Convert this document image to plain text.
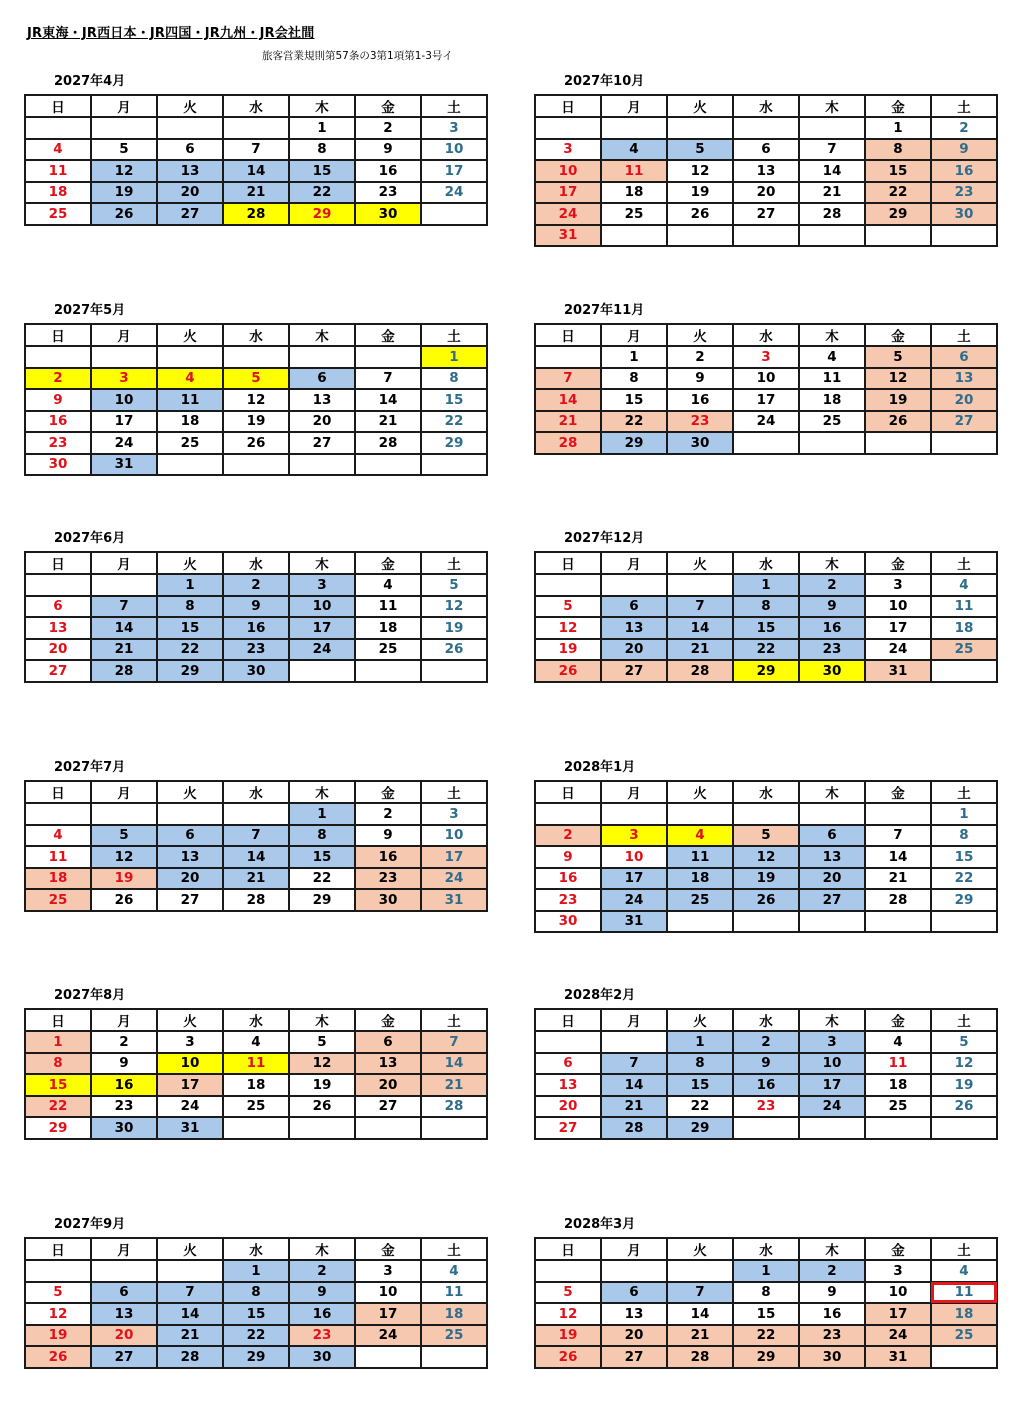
JR東海・JR西日本・JR四国・JR九州・JR会社間
旅客営業規則第57条の3第1項第1-3号イ
2027年4月
日	月	火	水	木	金	土
				1	2	3
4	5	6	7	8	9	10
11	12	13	14	15	16	17
18	19	20	21	22	23	24
25	26	27	28	29	30	
2027年10月
日	月	火	水	木	金	土
					1	2
3	4	5	6	7	8	9
10	11	12	13	14	15	16
17	18	19	20	21	22	23
24	25	26	27	28	29	30
31						
2027年5月
日	月	火	水	木	金	土
						1
2	3	4	5	6	7	8
9	10	11	12	13	14	15
16	17	18	19	20	21	22
23	24	25	26	27	28	29
30	31					
2027年11月
日	月	火	水	木	金	土
	1	2	3	4	5	6
7	8	9	10	11	12	13
14	15	16	17	18	19	20
21	22	23	24	25	26	27
28	29	30				
2027年6月
日	月	火	水	木	金	土
		1	2	3	4	5
6	7	8	9	10	11	12
13	14	15	16	17	18	19
20	21	22	23	24	25	26
27	28	29	30			
2027年12月
日	月	火	水	木	金	土
			1	2	3	4
5	6	7	8	9	10	11
12	13	14	15	16	17	18
19	20	21	22	23	24	25
26	27	28	29	30	31	
2027年7月
日	月	火	水	木	金	土
				1	2	3
4	5	6	7	8	9	10
11	12	13	14	15	16	17
18	19	20	21	22	23	24
25	26	27	28	29	30	31
2028年1月
日	月	火	水	木	金	土
						1
2	3	4	5	6	7	8
9	10	11	12	13	14	15
16	17	18	19	20	21	22
23	24	25	26	27	28	29
30	31					
2027年8月
日	月	火	水	木	金	土
1	2	3	4	5	6	7
8	9	10	11	12	13	14
15	16	17	18	19	20	21
22	23	24	25	26	27	28
29	30	31				
2028年2月
日	月	火	水	木	金	土
		1	2	3	4	5
6	7	8	9	10	11	12
13	14	15	16	17	18	19
20	21	22	23	24	25	26
27	28	29				
2027年9月
日	月	火	水	木	金	土
			1	2	3	4
5	6	7	8	9	10	11
12	13	14	15	16	17	18
19	20	21	22	23	24	25
26	27	28	29	30		
2028年3月
日	月	火	水	木	金	土
			1	2	3	4
5	6	7	8	9	10	11
12	13	14	15	16	17	18
19	20	21	22	23	24	25
26	27	28	29	30	31	
